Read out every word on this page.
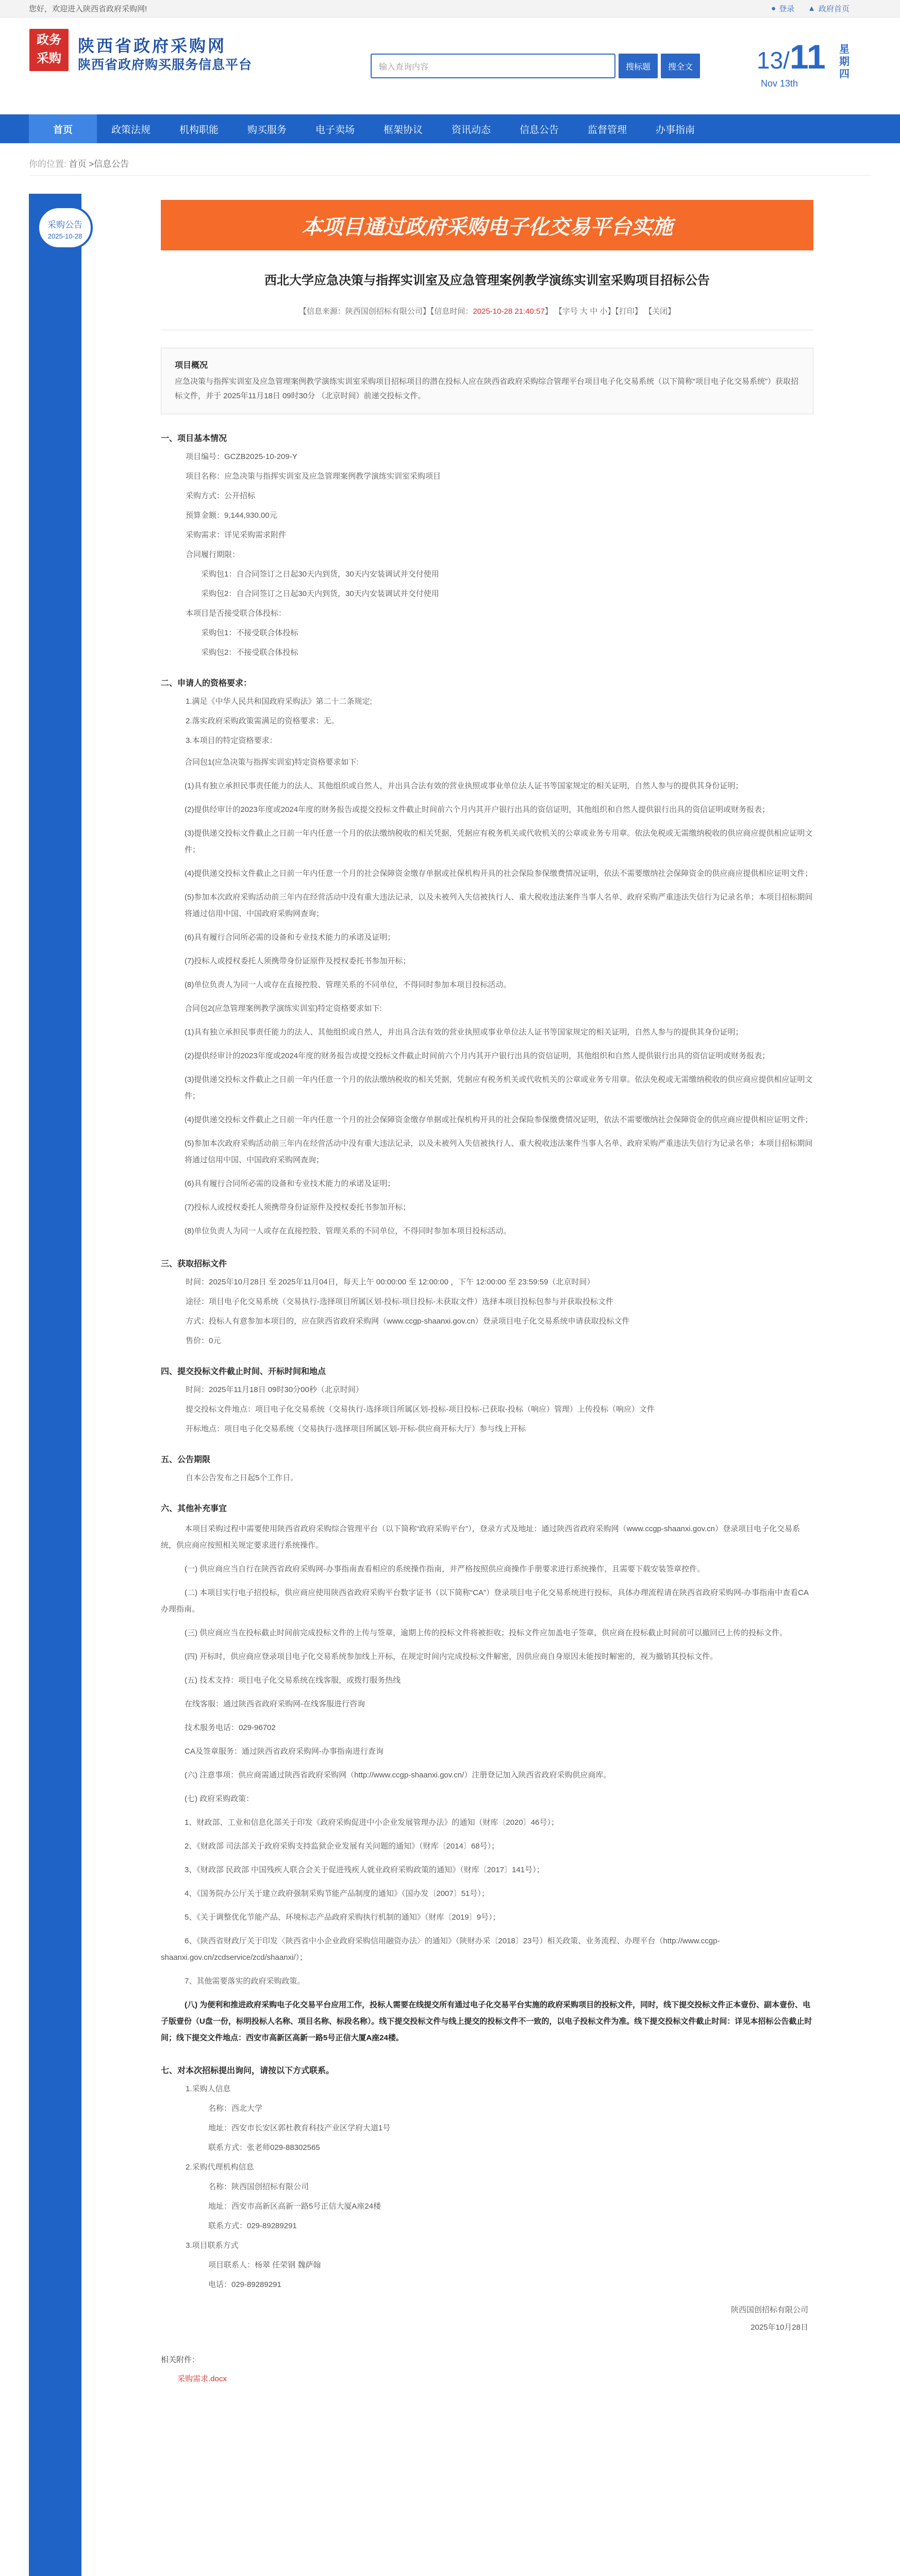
您好，欢迎进入陕西省政府采购网!	● 登录 ▲ 政府首页
政务
采购
陕西省政府采购网
陕西省政府购买服务信息平台	输入查询内容	搜标题	搜全文	13/11 星期四
Nov 13th
首页	政策法规	机构职能	购买服务	电子卖场	框架协议	资讯动态	信息公告	监督管理	办事指南
你的位置: 首页 >信息公告
采购公告
2025-10-28	本项目通过政府采购电子化交易平台实施
西北大学应急决策与指挥实训室及应急管理案例教学演练实训室采购项目招标公告
【信息来源：陕西国创招标有限公司】【信息时间：2025-10-28 21:40:57】 【字号 大 中 小】【打印】 【关闭】
项目概况

应急决策与指挥实训室及应急管理案例教学演练实训室采购项目招标项目的潜在投标人应在陕西省政府采购综合管理平台项目电子化交易系统（以下简称“项目电子化交易系统”）获取招标文件，并于 2025年11月18日 09时30分 （北京时间）前递交投标文件。

一、项目基本情况
项目编号：GCZB2025-10-209-Y
项目名称：应急决策与指挥实训室及应急管理案例教学演练实训室采购项目
采购方式：公开招标
预算金额：9,144,930.00元
采购需求：详见采购需求附件
合同履行期限：
采购包1：自合同签订之日起30天内到货，30天内安装调试并交付使用
采购包2：自合同签订之日起30天内到货，30天内安装调试并交付使用
本项目是否接受联合体投标：
采购包1：不接受联合体投标
采购包2：不接受联合体投标
二、申请人的资格要求：
1.满足《中华人民共和国政府采购法》第二十二条规定;
2.落实政府采购政策需满足的资格要求：无。
3.本项目的特定资格要求：
合同包1(应急决策与指挥实训室)特定资格要求如下:
(1)具有独立承担民事责任能力的法人、其他组织或自然人，并出具合法有效的营业执照或事业单位法人证书等国家规定的相关证明，自然人参与的提供其身份证明；
(2)提供经审计的2023年度或2024年度的财务报告或提交投标文件截止时间前六个月内其开户银行出具的资信证明，其他组织和自然人提供银行出具的资信证明或财务报表；
(3)提供递交投标文件截止之日前一年内任意一个月的依法缴纳税收的相关凭据，凭据应有税务机关或代收机关的公章或业务专用章。依法免税或无需缴纳税收的供应商应提供相应证明文件；
(4)提供递交投标文件截止之日前一年内任意一个月的社会保障资金缴存单据或社保机构开具的社会保险参保缴费情况证明，依法不需要缴纳社会保障资金的供应商应提供相应证明文件；
(5)参加本次政府采购活动前三年内在经营活动中没有重大违法记录，以及未被列入失信被执行人、重大税收违法案件当事人名单、政府采购严重违法失信行为记录名单；本项目招标期间将通过信用中国、中国政府采购网查询；
(6)具有履行合同所必需的设备和专业技术能力的承诺及证明；
(7)投标人或授权委托人须携带身份证原件及授权委托书参加开标；
(8)单位负责人为同一人或存在直接控股、管理关系的不同单位，不得同时参加本项目投标活动。
合同包2(应急管理案例教学演练实训室)特定资格要求如下:
(1)具有独立承担民事责任能力的法人、其他组织或自然人，并出具合法有效的营业执照或事业单位法人证书等国家规定的相关证明，自然人参与的提供其身份证明；
(2)提供经审计的2023年度或2024年度的财务报告或提交投标文件截止时间前六个月内其开户银行出具的资信证明，其他组织和自然人提供银行出具的资信证明或财务报表；
(3)提供递交投标文件截止之日前一年内任意一个月的依法缴纳税收的相关凭据，凭据应有税务机关或代收机关的公章或业务专用章。依法免税或无需缴纳税收的供应商应提供相应证明文件；
(4)提供递交投标文件截止之日前一年内任意一个月的社会保障资金缴存单据或社保机构开具的社会保险参保缴费情况证明，依法不需要缴纳社会保障资金的供应商应提供相应证明文件；
(5)参加本次政府采购活动前三年内在经营活动中没有重大违法记录，以及未被列入失信被执行人、重大税收违法案件当事人名单、政府采购严重违法失信行为记录名单；本项目招标期间将通过信用中国、中国政府采购网查询；
(6)具有履行合同所必需的设备和专业技术能力的承诺及证明；
(7)投标人或授权委托人须携带身份证原件及授权委托书参加开标；
(8)单位负责人为同一人或存在直接控股、管理关系的不同单位，不得同时参加本项目投标活动。
三、获取招标文件
时间：2025年10月28日 至 2025年11月04日，每天上午 00:00:00 至 12:00:00 ，下午 12:00:00 至 23:59:59（北京时间）
途径：项目电子化交易系统（交易执行-选择项目所属区划-投标-项目投标-未获取文件）选择本项目投标包参与并获取投标文件
方式：投标人有意参加本项目的，应在陕西省政府采购网（www.ccgp-shaanxi.gov.cn）登录项目电子化交易系统申请获取投标文件
售价：0元
四、提交投标文件截止时间、开标时间和地点
时间：2025年11月18日 09时30分00秒（北京时间）
提交投标文件地点：项目电子化交易系统（交易执行-选择项目所属区划-投标-项目投标-已获取-投标（响应）管理）上传投标（响应）文件
开标地点：项目电子化交易系统（交易执行-选择项目所属区划-开标-供应商开标大厅）参与线上开标
五、公告期限
自本公告发布之日起5个工作日。
六、其他补充事宜
本项目采购过程中需要使用陕西省政府采购综合管理平台（以下简称“政府采购平台”），登录方式及地址：通过陕西省政府采购网（www.ccgp-shaanxi.gov.cn）登录项目电子化交易系统，供应商应按照相关规定要求进行系统操作。
(一) 供应商应当自行在陕西省政府采购网-办事指南查看相应的系统操作指南，并严格按照供应商操作手册要求进行系统操作，且需要下载安装签章控件。
(二) 本项目实行电子招投标，供应商应使用陕西省政府采购平台数字证书（以下简称“CA”）登录项目电子化交易系统进行投标，具体办理流程请在陕西省政府采购网-办事指南中查看CA办理指南。
(三) 供应商应当在投标截止时间前完成投标文件的上传与签章，逾期上传的投标文件将被拒收；投标文件应加盖电子签章，供应商在投标截止时间前可以撤回已上传的投标文件。
(四) 开标时，供应商应登录项目电子化交易系统参加线上开标，在规定时间内完成投标文件解密，因供应商自身原因未能按时解密的，视为撤销其投标文件。
(五) 技术支持：项目电子化交易系统在线客服，或拨打服务热线
在线客服：通过陕西省政府采购网-在线客服进行咨询
技术服务电话：029-96702
CA及签章服务：通过陕西省政府采购网-办事指南进行查询
(六) 注意事项：供应商需通过陕西省政府采购网（http://www.ccgp-shaanxi.gov.cn/）注册登记加入陕西省政府采购供应商库。
(七) 政府采购政策：
1、财政部、工业和信息化部关于印发《政府采购促进中小企业发展管理办法》的通知（财库〔2020〕46号）；
2、《财政部 司法部关于政府采购支持监狱企业发展有关问题的通知》（财库〔2014〕68号）；
3、《财政部 民政部 中国残疾人联合会关于促进残疾人就业政府采购政策的通知》（财库〔2017〕141号）；
4、《国务院办公厅关于建立政府强制采购节能产品制度的通知》（国办发〔2007〕51号）；
5、《关于调整优化节能产品、环境标志产品政府采购执行机制的通知》（财库〔2019〕9号）；
6、《陕西省财政厅关于印发〈陕西省中小企业政府采购信用融资办法〉的通知》（陕财办采〔2018〕23号）相关政策、业务流程、办理平台（http://www.ccgp-shaanxi.gov.cn/zcdservice/zcd/shaanxi/）；
7、其他需要落实的政府采购政策。
(八) 为便利和推进政府采购电子化交易平台应用工作，投标人需要在线提交所有通过电子化交易平台实施的政府采购项目的投标文件，同时，线下提交投标文件正本壹份、副本壹份、电子版壹份（U盘一份，标明投标人名称、项目名称、标段名称）。线下提交投标文件与线上提交的投标文件不一致的，以电子投标文件为准。线下提交投标文件截止时间：详见本招标公告截止时间；线下提交文件地点：西安市高新区高新一路5号正信大厦A座24楼。
七、对本次招标提出询问，请按以下方式联系。
1.采购人信息
名称：西北大学
地址：西安市长安区郭杜教育科技产业区学府大道1号
联系方式：张老师029-88302565
2.采购代理机构信息
名称：陕西国创招标有限公司
地址：西安市高新区高新一路5号正信大厦A座24楼
联系方式：029-89289291
3.项目联系方式
项目联系人：杨翠 任荣钢 魏萨翰
电话：029-89289291
陕西国创招标有限公司
2025年10月28日
相关附件：
采购需求.docx
